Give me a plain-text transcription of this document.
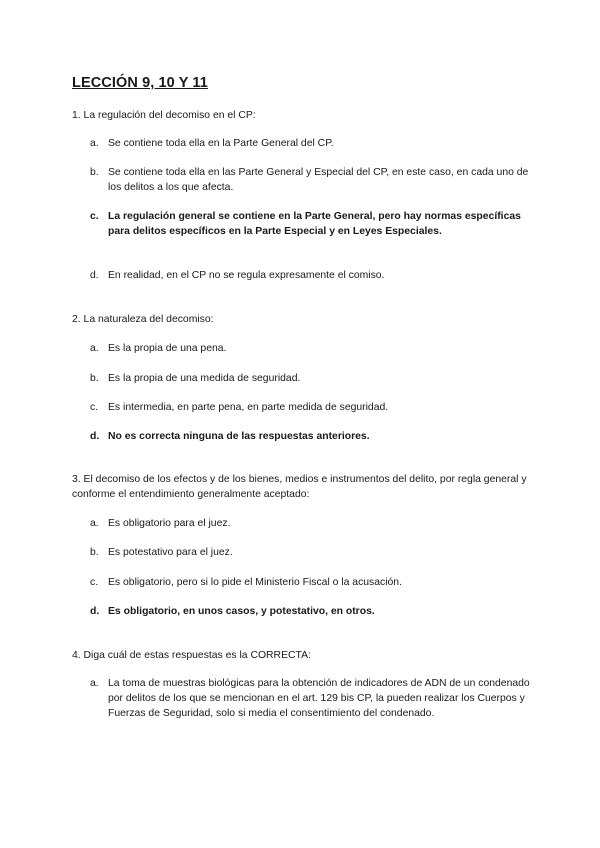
LECCIÓN 9, 10 Y 11

1. La regulación del decomiso en el CP:

a. Se contiene toda ella en la Parte General del CP.
b. Se contiene toda ella en las Parte General y Especial del CP, en este caso, en cada uno de los delitos a los que afecta.
c. La regulación general se contiene en la Parte General, pero hay normas específicas para delitos específicos en la Parte Especial y en Leyes Especiales.
d. En realidad, en el CP no se regula expresamente el comiso.

2. La naturaleza del decomiso:

a. Es la propia de una pena.
b. Es la propia de una medida de seguridad.
c. Es intermedia, en parte pena, en parte medida de seguridad.
d. No es correcta ninguna de las respuestas anteriores.

3. El decomiso de los efectos y de los bienes, medios e instrumentos del delito, por regla general y conforme el entendimiento generalmente aceptado:

a. Es obligatorio para el juez.
b. Es potestativo para el juez.
c. Es obligatorio, pero si lo pide el Ministerio Fiscal o la acusación.
d. Es obligatorio, en unos casos, y potestativo, en otros.

4. Diga cuál de estas respuestas es la CORRECTA:

a. La toma de muestras biológicas para la obtención de indicadores de ADN de un condenado por delitos de los que se mencionan en el art. 129 bis CP, la pueden realizar los Cuerpos y Fuerzas de Seguridad, solo si media el consentimiento del condenado.
